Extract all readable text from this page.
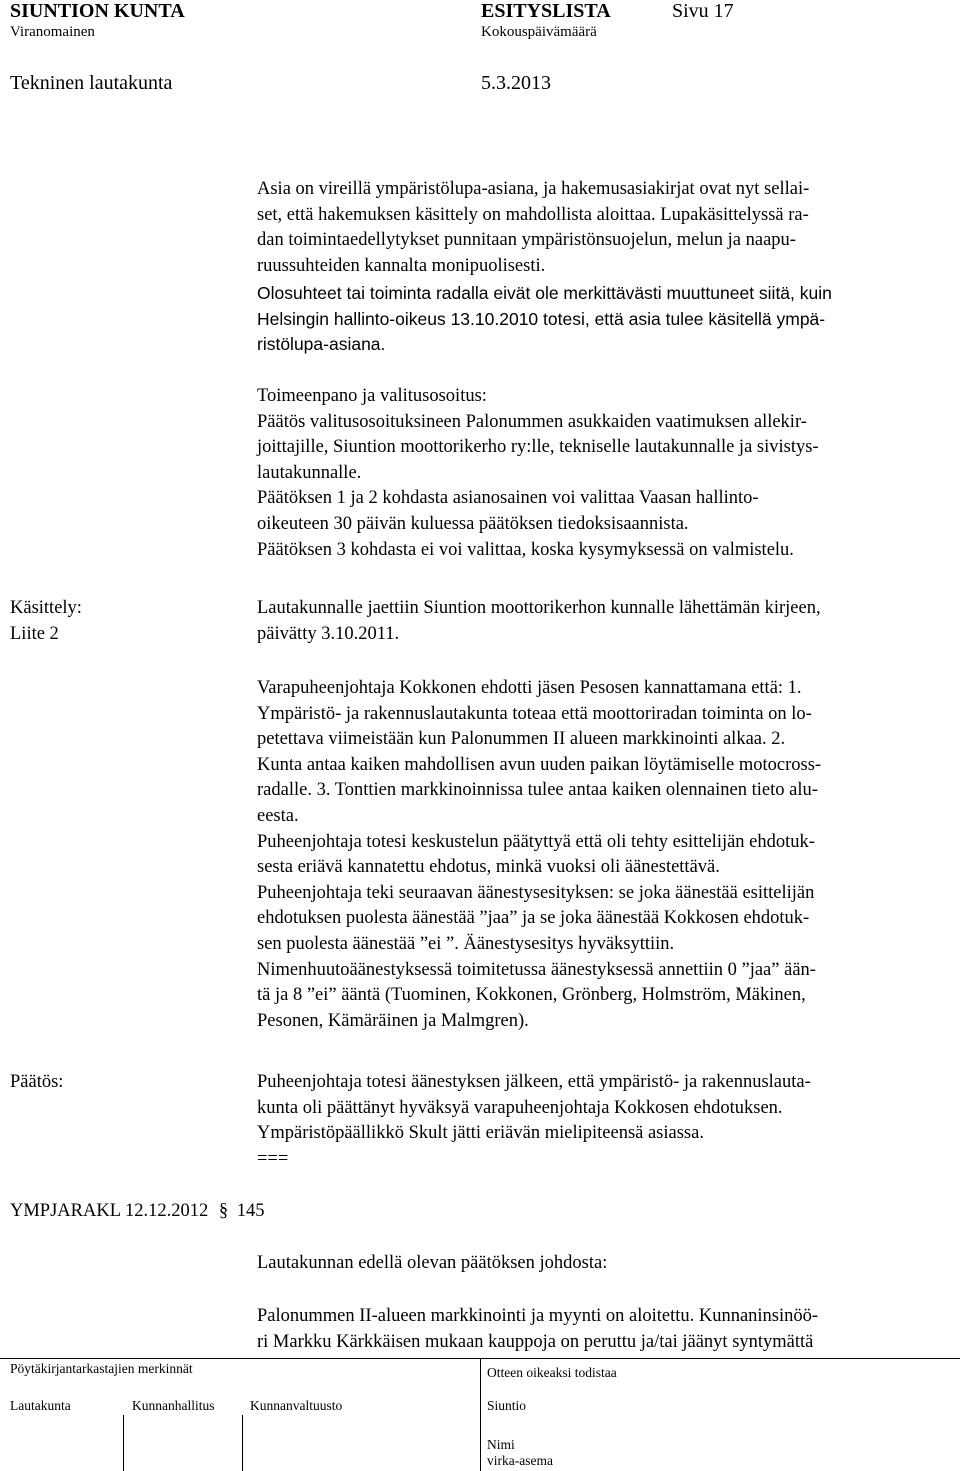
SIUNTION KUNTA	ESITYSLISTA	Sivu 17
Viranomainen	Kokouspäivämäärä
Tekninen lautakunta	5.3.2013
Asia on vireillä ympäristölupa-asiana, ja hakemusasiakirjat ovat nyt sellai-
set, että hakemuksen käsittely on mahdollista aloittaa. Lupakäsittelyssä ra-
dan toimintaedellytykset punnitaan ympäristönsuojelun, melun ja naapu-
ruussuhteiden kannalta monipuolisesti.
Olosuhteet tai toiminta radalla eivät ole merkittävästi muuttuneet siitä, kuin
Helsingin hallinto-oikeus 13.10.2010 totesi, että asia tulee käsitellä ympä-
ristölupa-asiana.
Toimeenpano ja valitusosoitus:
Päätös valitusosoituksineen Palonummen asukkaiden vaatimuksen allekir-
joittajille, Siuntion moottorikerho ry:lle, tekniselle lautakunnalle ja sivistys-
lautakunnalle.
Päätöksen 1 ja 2 kohdasta asianosainen voi valittaa Vaasan hallinto-
oikeuteen 30 päivän kuluessa päätöksen tiedoksisaannista.
Päätöksen 3 kohdasta ei voi valittaa, koska kysymyksessä on valmistelu.
Käsittely:
Liite 2
Lautakunnalle jaettiin Siuntion moottorikerhon kunnalle lähettämän kirjeen,
päivätty 3.10.2011.
Varapuheenjohtaja Kokkonen ehdotti jäsen Pesosen kannattamana että: 1.
Ympäristö- ja rakennuslautakunta toteaa että moottoriradan toiminta on lo-
petettava viimeistään kun Palonummen II alueen markkinointi alkaa. 2.
Kunta antaa kaiken mahdollisen avun uuden paikan löytämiselle motocross-
radalle. 3. Tonttien markkinoinnissa tulee antaa kaiken olennainen tieto alu-
eesta.
Puheenjohtaja totesi keskustelun päätyttyä että oli tehty esittelijän ehdotuk-
sesta eriävä kannatettu ehdotus, minkä vuoksi oli äänestettävä.
Puheenjohtaja teki seuraavan äänestysesityksen: se joka äänestää esittelijän
ehdotuksen puolesta äänestää ”jaa” ja se joka äänestää Kokkosen ehdotuk-
sen puolesta äänestää ”ei ”. Äänestysesitys hyväksyttiin.
Nimenhuutoäänestyksessä toimitetussa äänestyksessä annettiin 0 ”jaa” ään-
tä ja 8 ”ei” ääntä (Tuominen, Kokkonen, Grönberg, Holmström, Mäkinen,
Pesonen, Kämäräinen ja Malmgren).
Päätös:	Puheenjohtaja totesi äänestyksen jälkeen, että ympäristö- ja rakennuslauta-
kunta oli päättänyt hyväksyä varapuheenjohtaja Kokkosen ehdotuksen.
Ympäristöpäällikkö Skult jätti eriävän mielipiteensä asiassa.
===
YMPJARAKL 12.12.2012 § 145
Lautakunnan edellä olevan päätöksen johdosta:
Palonummen II-alueen markkinointi ja myynti on aloitettu. Kunnaninsinöö-
ri Markku Kärkkäisen mukaan kauppoja on peruttu ja/tai jäänyt syntymättä
Pöytäkirjantarkastajien merkinnät	Otteen oikeaksi todistaa
Lautakunta	Kunnanhallitus	Kunnanvaltuusto	Siuntio
Nimi
virka-asema
